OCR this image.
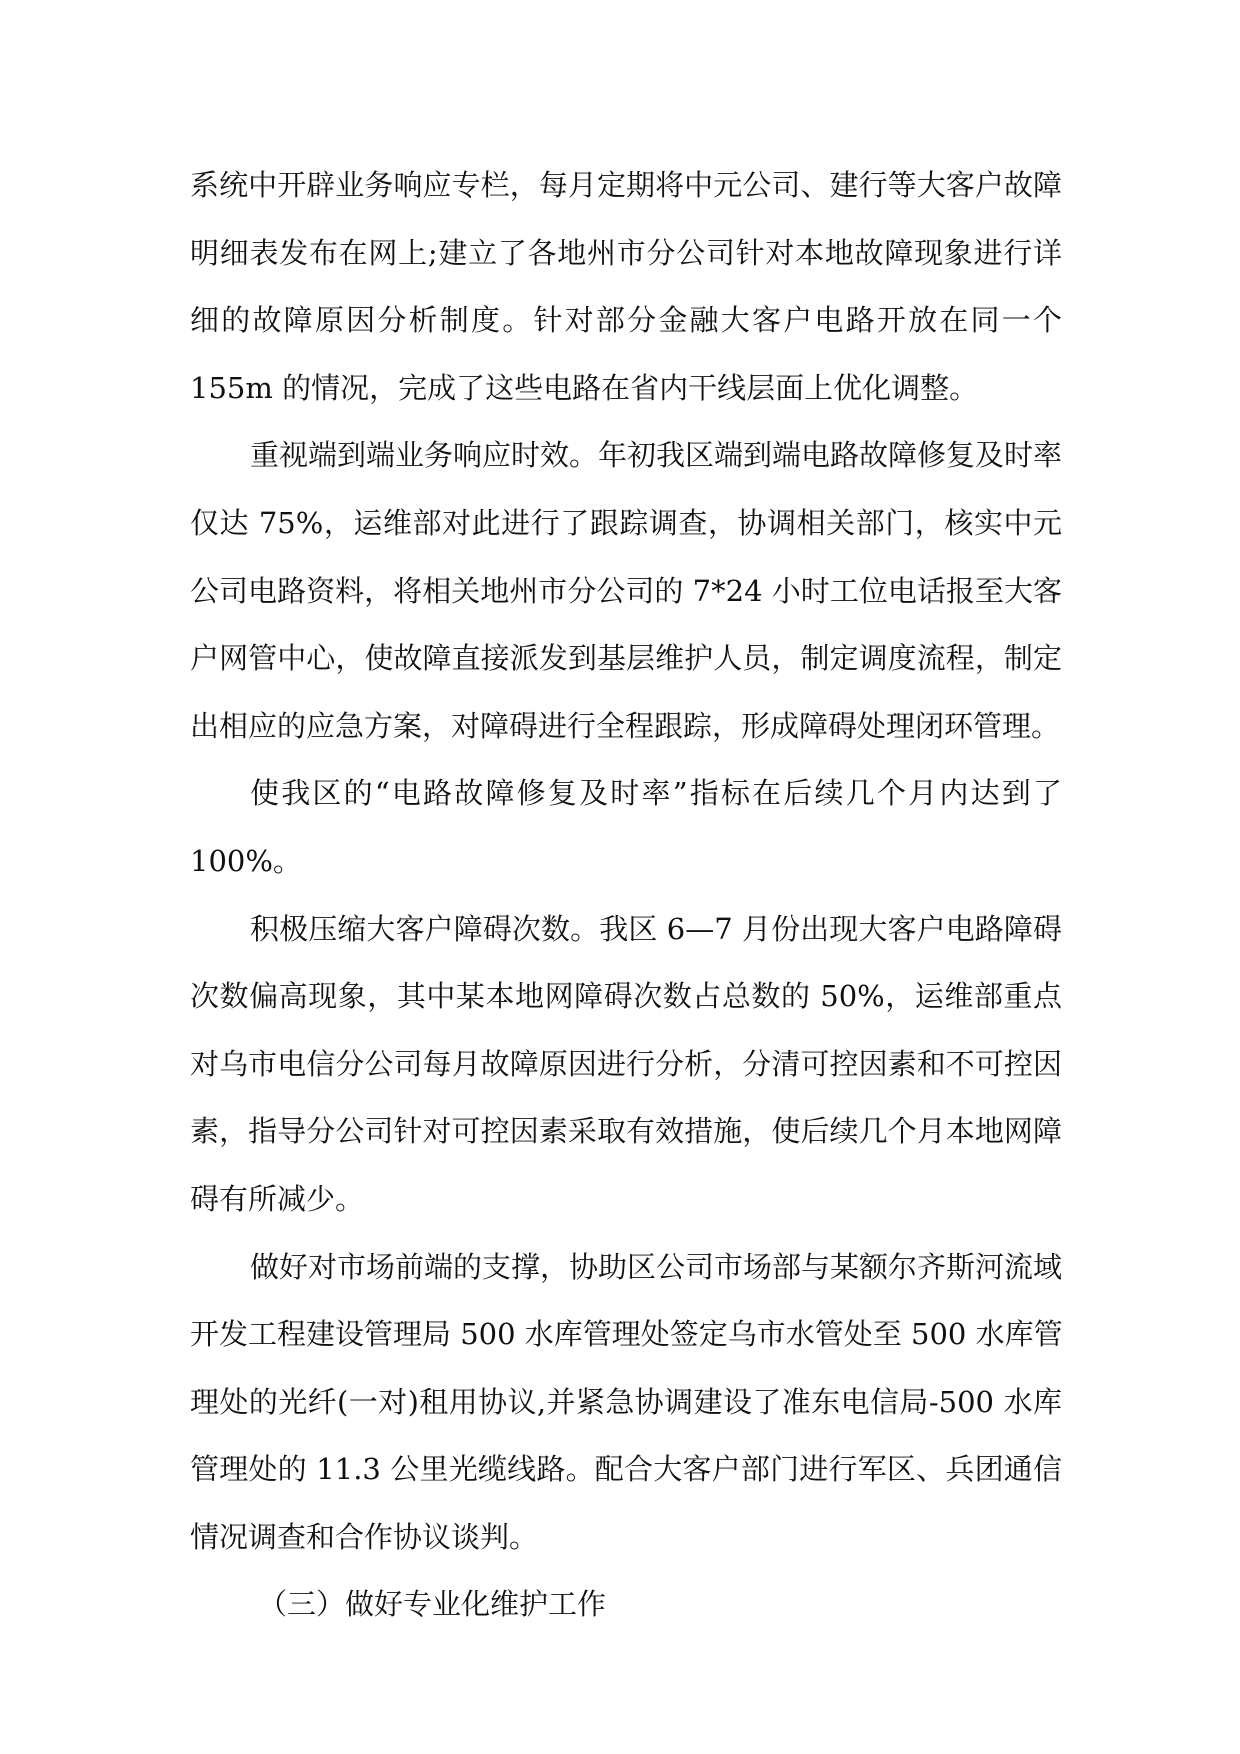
系统中开辟业务响应专栏，每月定期将中元公司、建行等大客户故障
明细表发布在网上;建立了各地州市分公司针对本地故障现象进行详
细的故障原因分析制度。针对部分金融大客户电路开放在同一个
155m 的情况，完成了这些电路在省内干线层面上优化调整。
重视端到端业务响应时效。年初我区端到端电路故障修复及时率
仅达 75%，运维部对此进行了跟踪调查，协调相关部门，核实中元
公司电路资料，将相关地州市分公司的 7*24 小时工位电话报至大客
户网管中心，使故障直接派发到基层维护人员，制定调度流程，制定
出相应的应急方案，对障碍进行全程跟踪，形成障碍处理闭环管理。
使我区的“电路故障修复及时率”指标在后续几个月内达到了
100%。
积极压缩大客户障碍次数。我区 6—7 月份出现大客户电路障碍
次数偏高现象，其中某本地网障碍次数占总数的 50%，运维部重点
对乌市电信分公司每月故障原因进行分析，分清可控因素和不可控因
素，指导分公司针对可控因素采取有效措施，使后续几个月本地网障
碍有所减少。
做好对市场前端的支撑，协助区公司市场部与某额尔齐斯河流域
开发工程建设管理局 500 水库管理处签定乌市水管处至 500 水库管
理处的光纤(一对)租用协议,并紧急协调建设了准东电信局-500 水库
管理处的 11.3 公里光缆线路。配合大客户部门进行军区、兵团通信
情况调查和合作协议谈判。
（三）做好专业化维护工作
